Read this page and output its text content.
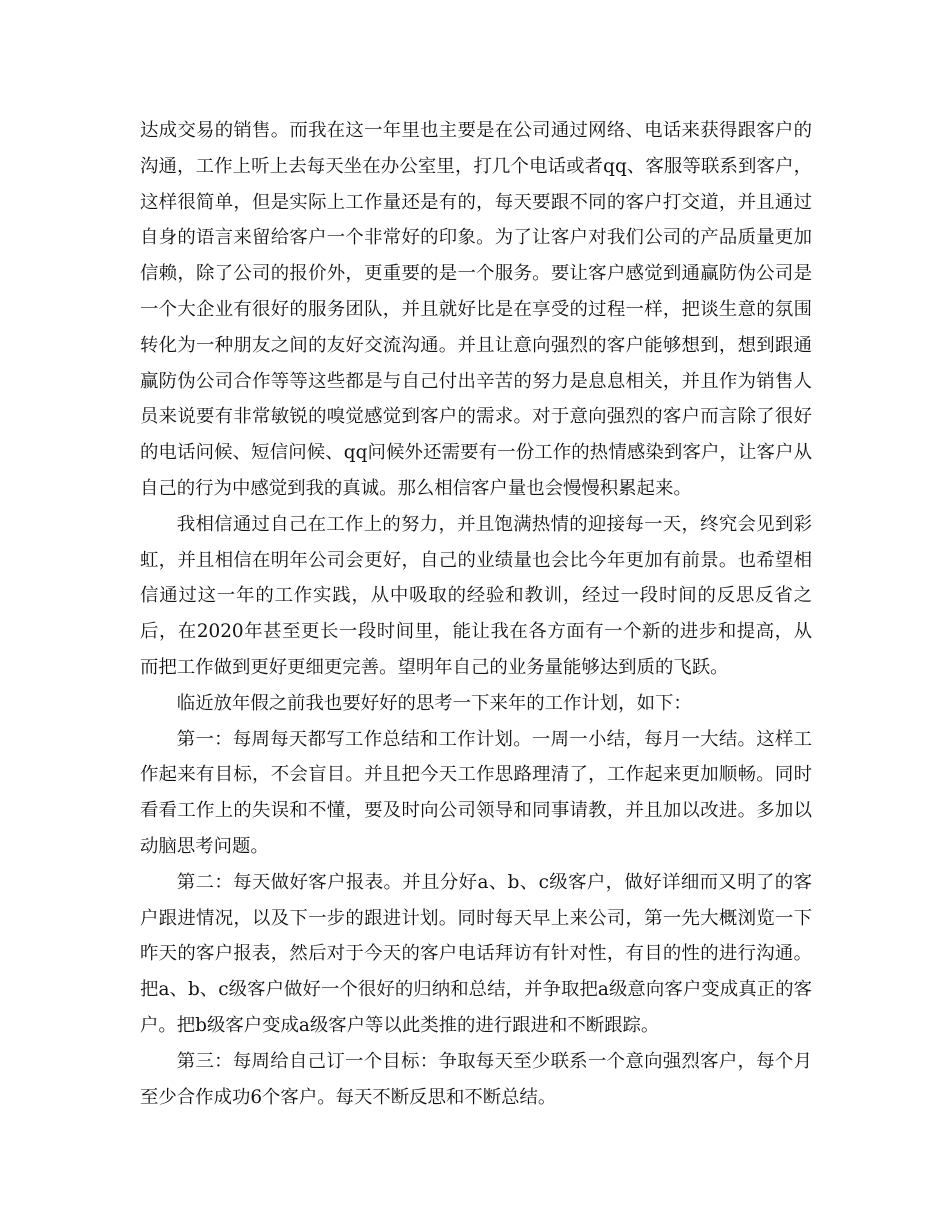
达成交易的销售。而我在这一年里也主要是在公司通过网络、电话来获得跟客户的沟通，工作上听上去每天坐在办公室里，打几个电话或者qq、客服等联系到客户，这样很简单，但是实际上工作量还是有的，每天要跟不同的客户打交道，并且通过自身的语言来留给客户一个非常好的印象。为了让客户对我们公司的产品质量更加信赖，除了公司的报价外，更重要的是一个服务。要让客户感觉到通赢防伪公司是一个大企业有很好的服务团队，并且就好比是在享受的过程一样，把谈生意的氛围转化为一种朋友之间的友好交流沟通。并且让意向强烈的客户能够想到，想到跟通赢防伪公司合作等等这些都是与自己付出辛苦的努力是息息相关，并且作为销售人员来说要有非常敏锐的嗅觉感觉到客户的需求。对于意向强烈的客户而言除了很好的电话问候、短信问候、qq问候外还需要有一份工作的热情感染到客户，让客户从自己的行为中感觉到我的真诚。那么相信客户量也会慢慢积累起来。

我相信通过自己在工作上的努力，并且饱满热情的迎接每一天，终究会见到彩虹，并且相信在明年公司会更好，自己的业绩量也会比今年更加有前景。也希望相信通过这一年的工作实践，从中吸取的经验和教训，经过一段时间的反思反省之后，在2020年甚至更长一段时间里，能让我在各方面有一个新的进步和提高，从而把工作做到更好更细更完善。望明年自己的业务量能够达到质的飞跃。

临近放年假之前我也要好好的思考一下来年的工作计划，如下：

第一：每周每天都写工作总结和工作计划。一周一小结，每月一大结。这样工作起来有目标，不会盲目。并且把今天工作思路理清了，工作起来更加顺畅。同时看看工作上的失误和不懂，要及时向公司领导和同事请教，并且加以改进。多加以动脑思考问题。

第二：每天做好客户报表。并且分好a、b、c级客户，做好详细而又明了的客户跟进情况，以及下一步的跟进计划。同时每天早上来公司，第一先大概浏览一下昨天的客户报表，然后对于今天的客户电话拜访有针对性，有目的性的进行沟通。把a、b、c级客户做好一个很好的归纳和总结，并争取把a级意向客户变成真正的客户。把b级客户变成a级客户等以此类推的进行跟进和不断跟踪。

第三：每周给自己订一个目标：争取每天至少联系一个意向强烈客户，每个月至少合作成功6个客户。每天不断反思和不断总结。
